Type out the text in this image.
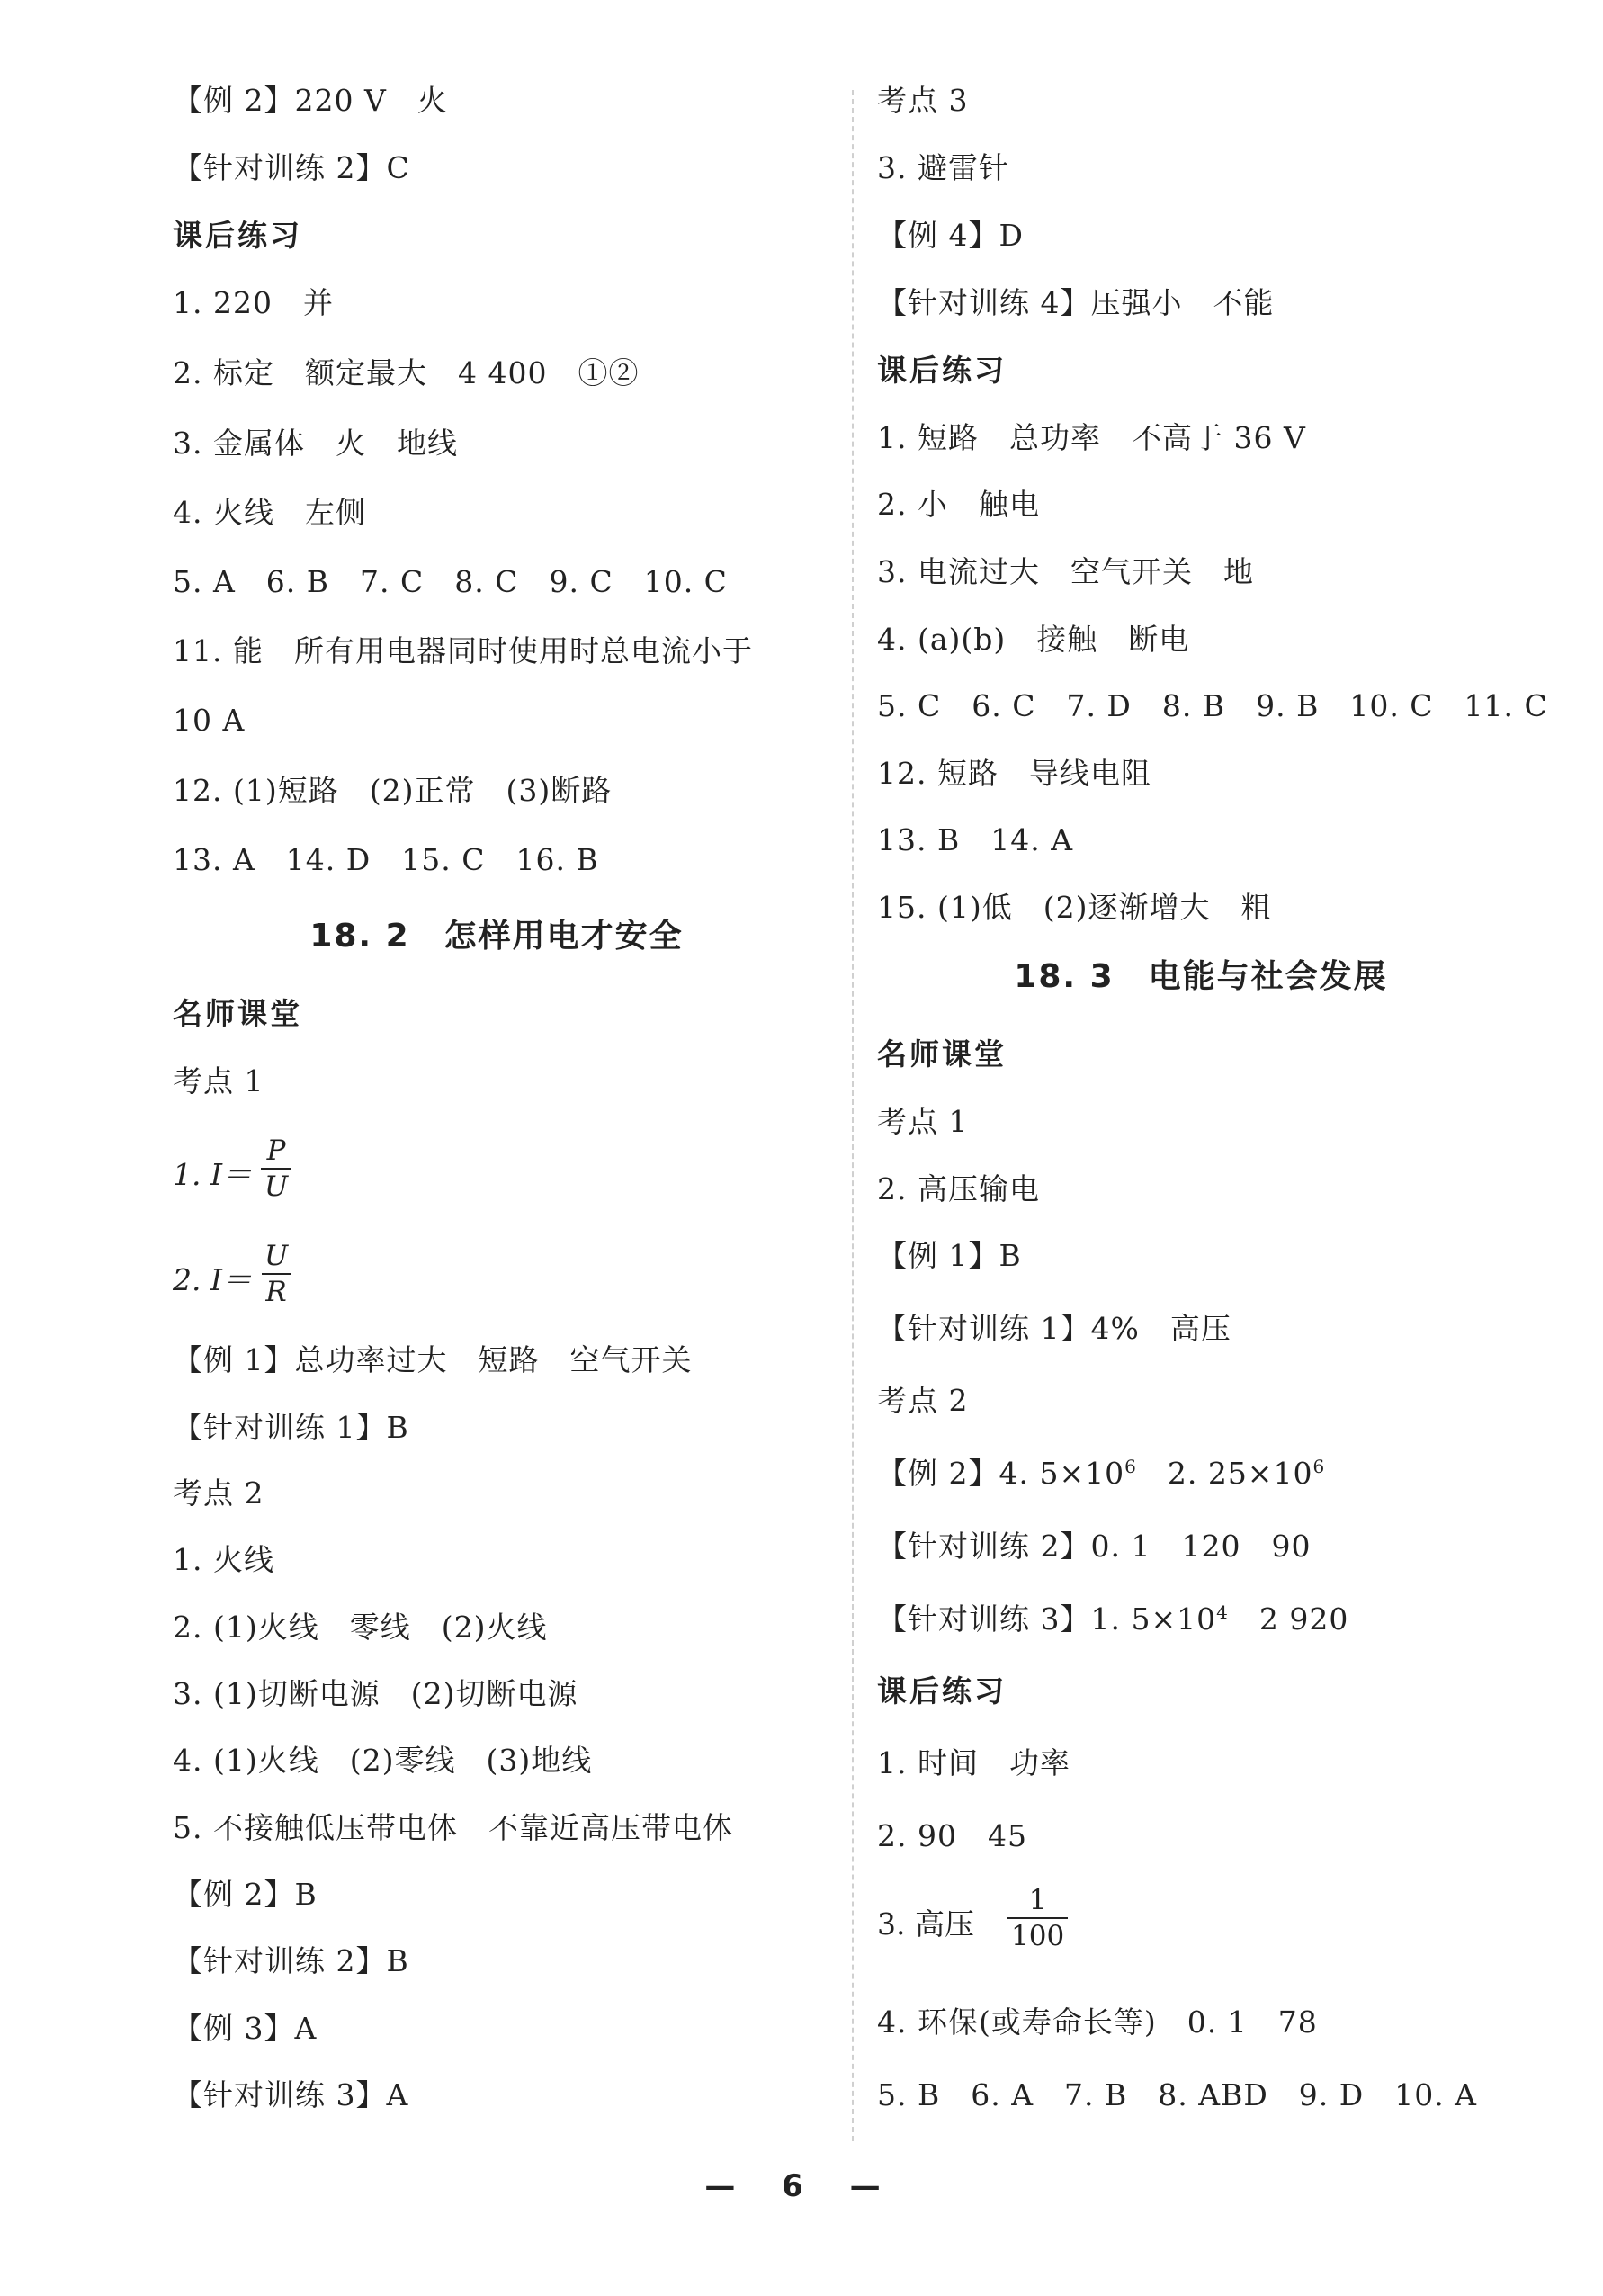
【例 2】220 V　火
【针对训练 2】C
课后练习
1. 220　并
2. 标定　额定最大　4 400　①②
3. 金属体　火　地线
4. 火线　左侧
5. A　6. B　7. C　8. C　9. C　10. C
11. 能　所有用电器同时使用时总电流小于
10 A
12. (1)短路　(2)正常　(3)断路
13. A　14. D　15. C　16. B
18. 2　怎样用电才安全
名师课堂
考点 1
1. $I= \frac{P}{U}$
2. $I= \frac{U}{R}$
【例 1】总功率过大　短路　空气开关
【针对训练 1】B
考点 2
1. 火线
2. (1)火线　零线　(2)火线
3. (1)切断电源　(2)切断电源
4. (1)火线　(2)零线　(3)地线
5. 不接触低压带电体　不靠近高压带电体
【例 2】B
【针对训练 2】B
【例 3】A
【针对训练 3】A
考点 3
3. 避雷针
【例 4】D
【针对训练 4】压强小　不能
课后练习
1. 短路　总功率　不高于 36 V
2. 小　触电
3. 电流过大　空气开关　地
4. (a)(b)　接触　断电
5. C　6. C　7. D　8. B　9. B　10. C　11. C
12. 短路　导线电阻
13. B　14. A
15. (1)低　(2)逐渐增大　粗
18. 3　电能与社会发展
名师课堂
考点 1
2. 高压输电
【例 1】B
【针对训练 1】4%　高压
考点 2
【例 2】4. $5\times 10^6$　2. $25\times 10^6$
【针对训练 2】0. 1　120　90
【针对训练 3】1. $5\times 10^4$　2 920
课后练习
1. 时间　功率
2. 90　45
3. 高压 $\frac{1}{100}$
4. 环保(或寿命长等)　0. 1　78
5. B　6. A　7. B　8. ABD　9. D　10. A
— 6 —
